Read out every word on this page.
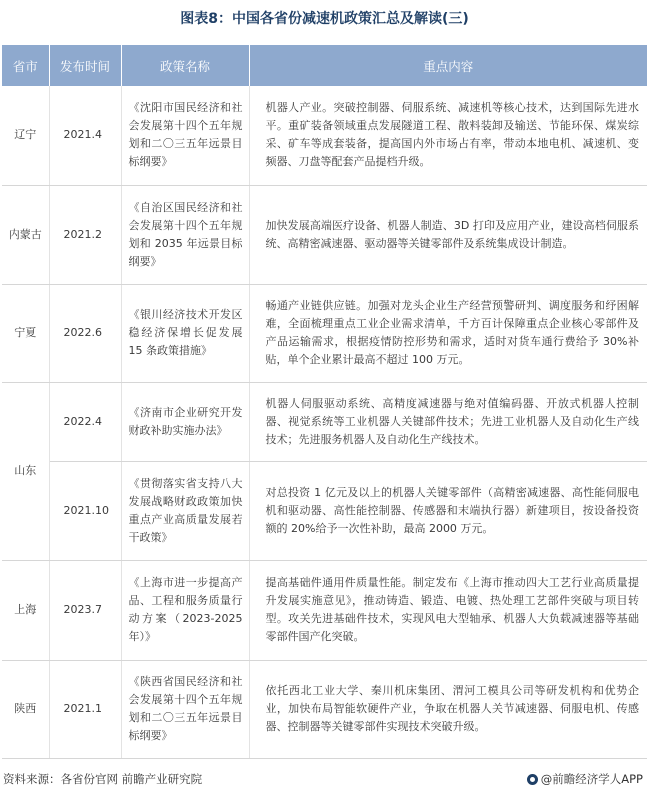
图表8：中国各省份减速机政策汇总及解读(三)
省市	发布时间	政策名称	重点内容
辽宁	2021.4	《沈阳市国民经济和社会发展第十四个五年规划和二〇三五年远景目标纲要》	机器人产业。突破控制器、伺服系统、减速机等核心技术，达到国际先进水平。重矿装备领域重点发展隧道工程、散料装卸及输送、节能环保、煤炭综采、矿车等成套装备，提高国内外市场占有率，带动本地电机、减速机、变频器、刀盘等配套产品提档升级。
内蒙古	2021.2	《自治区国民经济和社会发展第十四个五年规划和 2035 年远景目标纲要》	加快发展高端医疗设备、机器人制造、3D 打印及应用产业，建设高档伺服系统、高精密减速器、驱动器等关键零部件及系统集成设计制造。
宁夏	2022.6	《银川经济技术开发区稳经济保增长促发展 15 条政策措施》	畅通产业链供应链。加强对龙头企业生产经营预警研判、调度服务和纾困解难，全面梳理重点工业企业需求清单，千方百计保障重点企业核心零部件及产品运输需求，根据疫情防控形势和需求，适时对货车通行费给予 30%补贴，单个企业累计最高不超过 100 万元。
山东	2022.4	《济南市企业研究开发财政补助实施办法》	机器人伺服驱动系统、高精度减速器与绝对值编码器、开放式机器人控制器、视觉系统等工业机器人关键部件技术；先进工业机器人及自动化生产线技术；先进服务机器人及自动化生产线技术。
	2021.10	《贯彻落实省支持八大发展战略财政政策加快重点产业高质量发展若干政策》	对总投资 1 亿元及以上的机器人关键零部件（高精密减速器、高性能伺服电机和驱动器、高性能控制器、传感器和末端执行器）新建项目，按设备投资额的 20%给予一次性补助，最高 2000 万元。
上海	2023.7	《上海市进一步提高产品、工程和服务质量行动方案（2023-2025 年）》	提高基础件通用件质量性能。制定发布《上海市推动四大工艺行业高质量提升发展实施意见》，推动铸造、锻造、电镀、热处理工艺部件突破与项目转型。攻关先进基础件技术，实现风电大型轴承、机器人大负载减速器等基础零部件国产化突破。
陕西	2021.1	《陕西省国民经济和社会发展第十四个五年规划和二〇三五年远景目标纲要》	依托西北工业大学、秦川机床集团、渭河工模具公司等研发机构和优势企业，加快布局智能软硬件产业，争取在机器人关节减速器、伺服电机、传感器、控制器等关键零部件实现技术突破升级。
资料来源：各省份官网 前瞻产业研究院	@前瞻经济学人APP
